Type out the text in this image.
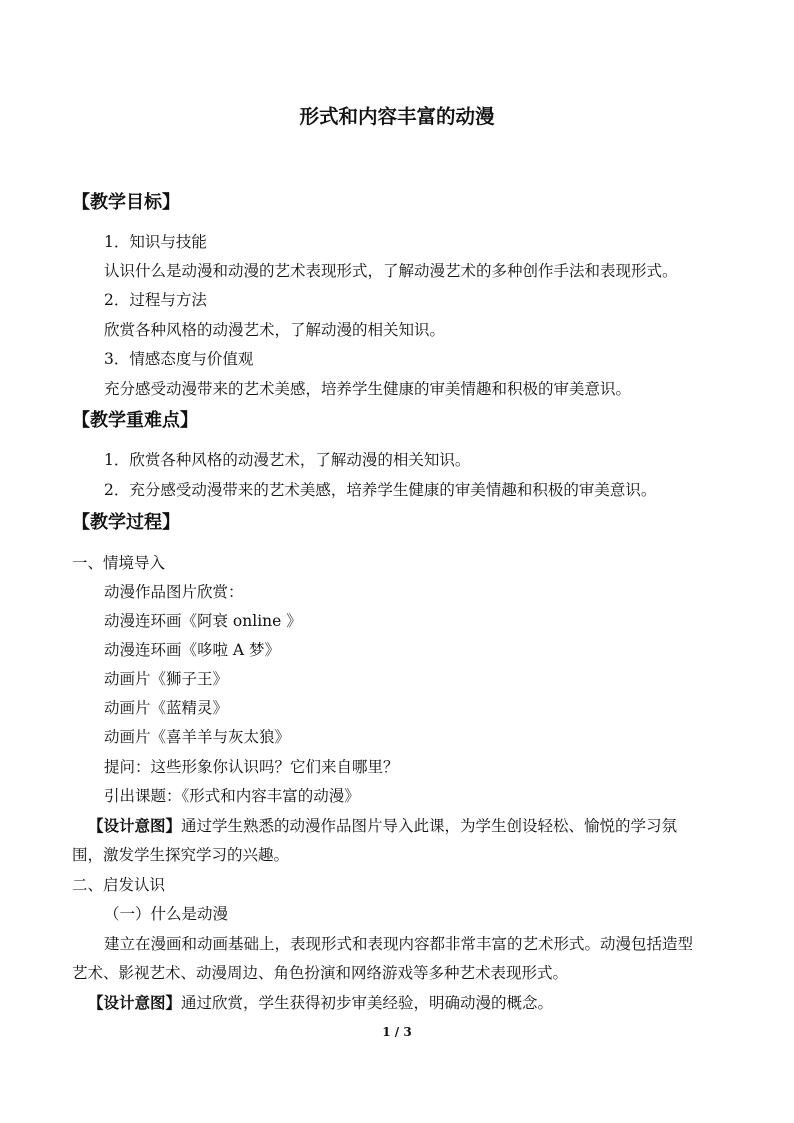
形式和内容丰富的动漫
【教学目标】
1．知识与技能
认识什么是动漫和动漫的艺术表现形式，了解动漫艺术的多种创作手法和表现形式。
2．过程与方法
欣赏各种风格的动漫艺术，了解动漫的相关知识。
3．情感态度与价值观
充分感受动漫带来的艺术美感，培养学生健康的审美情趣和积极的审美意识。
【教学重难点】
1．欣赏各种风格的动漫艺术，了解动漫的相关知识。
2．充分感受动漫带来的艺术美感，培养学生健康的审美情趣和积极的审美意识。
【教学过程】
一、情境导入
动漫作品图片欣赏：
动漫连环画《阿衰 online 》
动漫连环画《哆啦 A 梦》
动画片《狮子王》
动画片《蓝精灵》
动画片《喜羊羊与灰太狼》
提问：这些形象你认识吗？它们来自哪里？
引出课题：《形式和内容丰富的动漫》
【设计意图】通过学生熟悉的动漫作品图片导入此课，为学生创设轻松、愉悦的学习氛
围，激发学生探究学习的兴趣。
二、启发认识
（一）什么是动漫
建立在漫画和动画基础上，表现形式和表现内容都非常丰富的艺术形式。动漫包括造型
艺术、影视艺术、动漫周边、角色扮演和网络游戏等多种艺术表现形式。
【设计意图】通过欣赏，学生获得初步审美经验，明确动漫的概念。
1 / 3
